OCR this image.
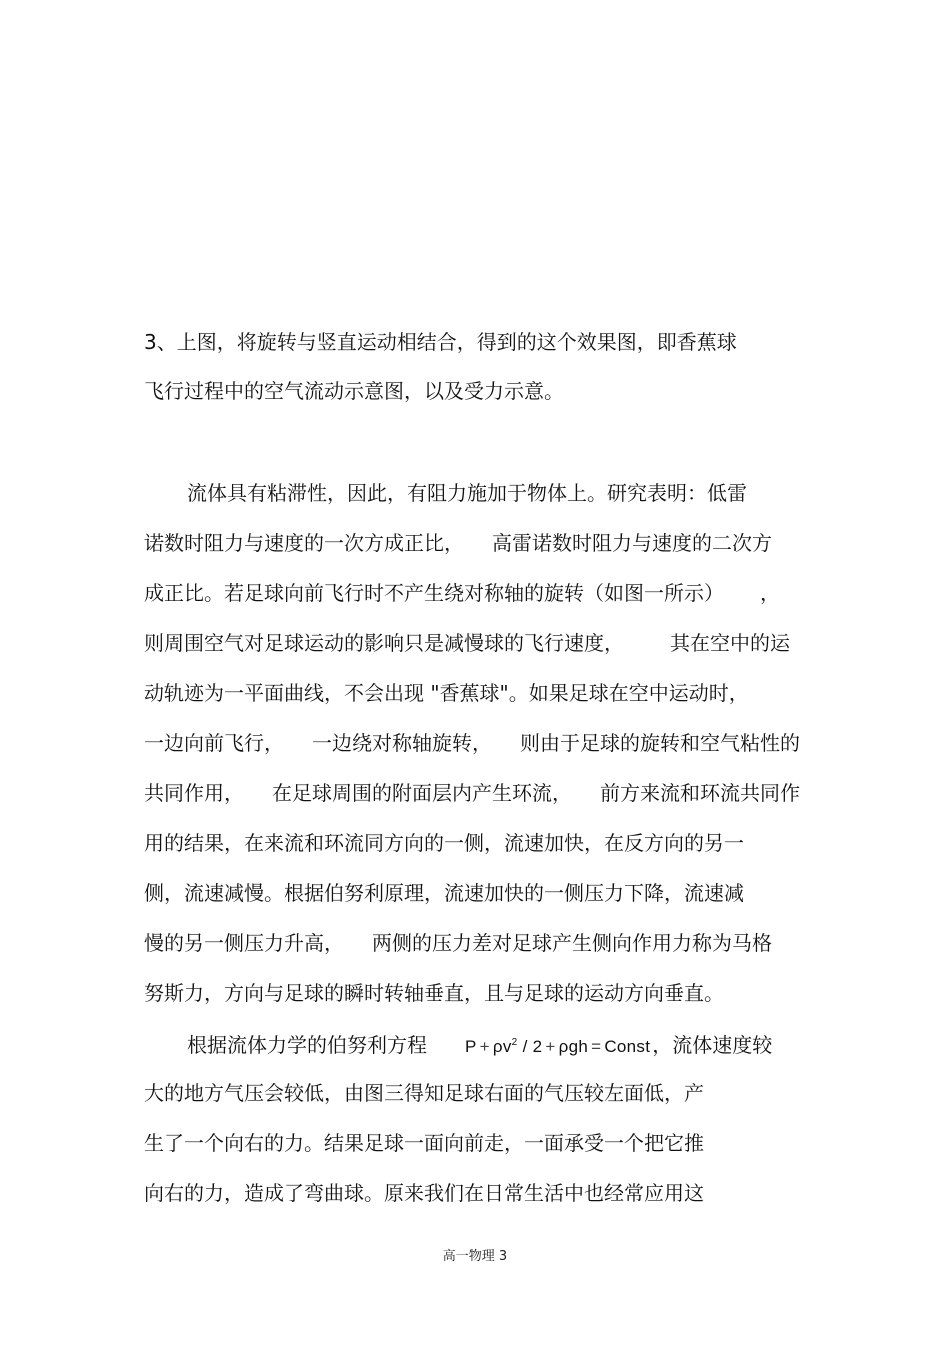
3、上图，将旋转与竖直运动相结合，得到的这个效果图，即香蕉球
飞行过程中的空气流动示意图，以及受力示意。
流体具有粘滞性，因此，有阻力施加于物体上。研究表明：低雷
诺数时阻力与速度的一次方成正比， 高雷诺数时阻力与速度的二次方
成正比。若足球向前飞行时不产生绕对称轴的旋转（如图一所示） ，
则周围空气对足球运动的影响只是减慢球的飞行速度， 其在空中的运
动轨迹为一平面曲线，不会出现 "香蕉球"。如果足球在空中运动时，
一边向前飞行， 一边绕对称轴旋转， 则由于足球的旋转和空气粘性的
共同作用， 在足球周围的附面层内产生环流， 前方来流和环流共同作
用的结果，在来流和环流同方向的一侧，流速加快，在反方向的另一
侧，流速减慢。根据伯努利原理，流速加快的一侧压力下降，流速减
慢的另一侧压力升高， 两侧的压力差对足球产生侧向作用力称为马格
努斯力，方向与足球的瞬时转轴垂直，且与足球的运动方向垂直。
根据流体力学的伯努利方程 $P + \rho v^2 / 2 + \rho gh$ = Const ，流体速度较
大的地方气压会较低，由图三得知足球右面的气压较左面低，产
生了一个向右的力。结果足球一面向前走，一面承受一个把它推
向右的力，造成了弯曲球。原来我们在日常生活中也经常应用这
高一物理 3
